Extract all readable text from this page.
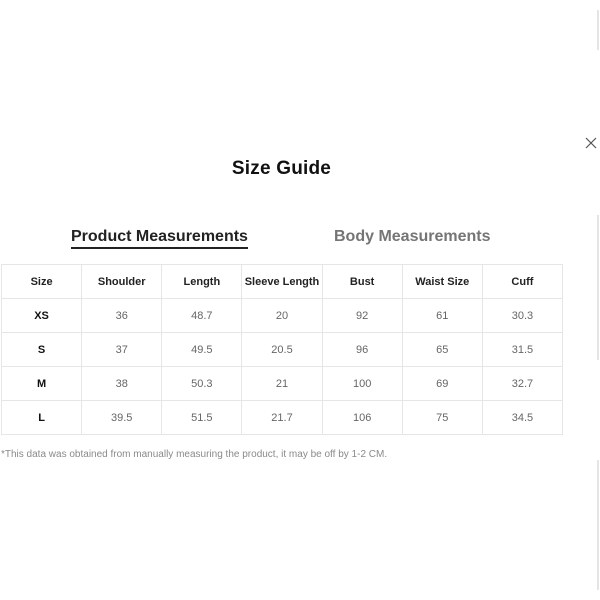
Size Guide
Product Measurements	Body Measurements
Size	Shoulder	Length	Sleeve Length	Bust	Waist Size	Cuff
XS	36	48.7	20	92	61	30.3
S	37	49.5	20.5	96	65	31.5
M	38	50.3	21	100	69	32.7
L	39.5	51.5	21.7	106	75	34.5
*This data was obtained from manually measuring the product, it may be off by 1-2 CM.
